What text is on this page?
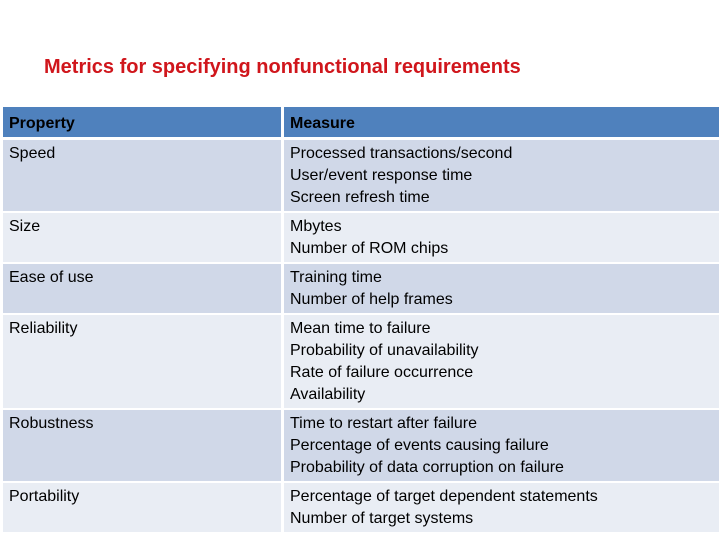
Metrics for specifying nonfunctional requirements
Property	Measure
Speed	Processed transactions/second
User/event response time
Screen refresh time

Size	Mbytes
Number of ROM chips

Ease of use	Training time
Number of help frames

Reliability	Mean time to failure
Probability of unavailability
Rate of failure occurrence
Availability

Robustness	Time to restart after failure
Percentage of events causing failure
Probability of data corruption on failure

Portability	Percentage of target dependent statements
Number of target systems
